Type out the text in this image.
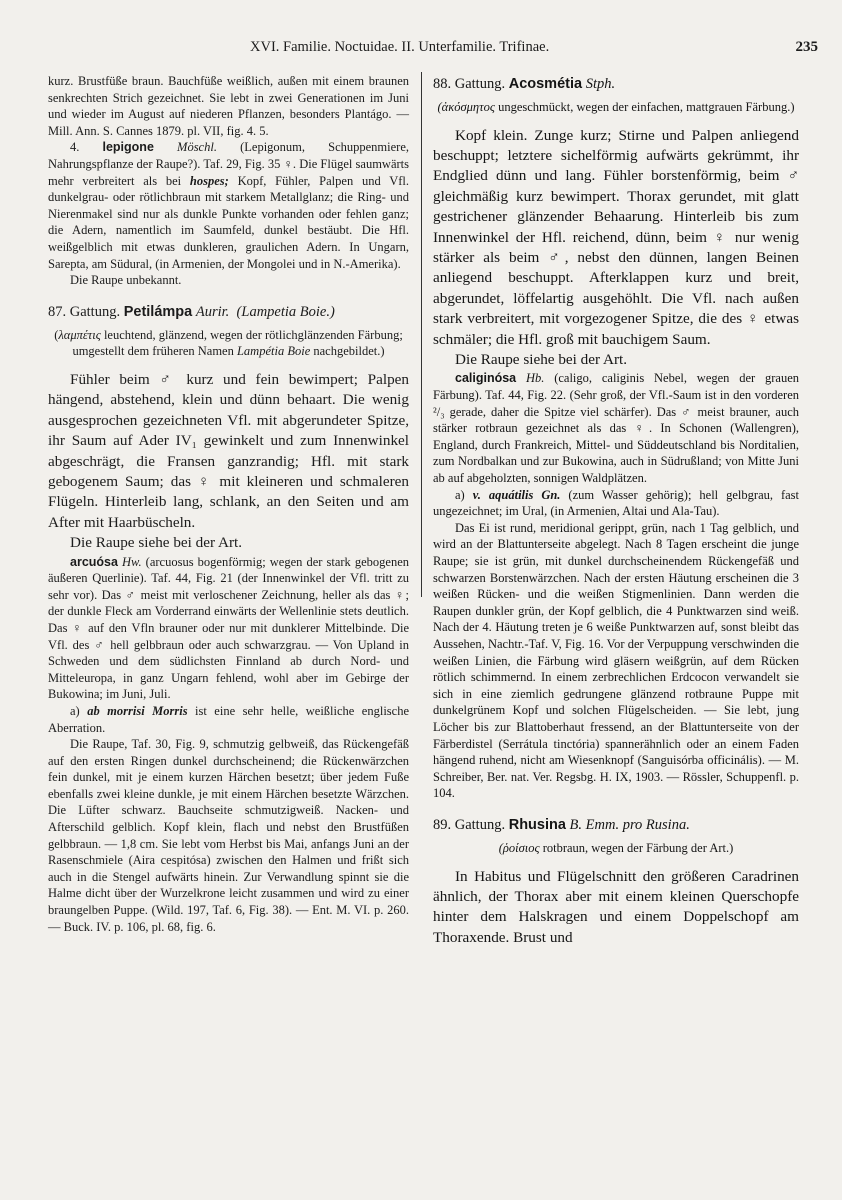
XVI. Familie. Noctuidae. II. Unterfamilie. Trifinae.	235

kurz. Brustfüße braun. Bauchfüße weißlich, außen mit einem braunen senkrechten Strich gezeichnet. Sie lebt in zwei Generationen im Juni und wieder im August auf niederen Pflanzen, besonders Plantágo. — Mill. Ann. S. Cannes 1879. pl. VII, fig. 4. 5.

4. lepigone Möschl. (Lepigonum, Schuppenmiere, Nahrungspflanze der Raupe?). Taf. 29, Fig. 35 ♀. Die Flügel saumwärts mehr verbreitert als bei hospes; Kopf, Fühler, Palpen und Vfl. dunkelgrau- oder rötlichbraun mit starkem Metallglanz; die Ring- und Nierenmakel sind nur als dunkle Punkte vorhanden oder fehlen ganz; die Adern, namentlich im Saumfeld, dunkel bestäubt. Die Hfl. weißgelblich mit etwas dunkleren, graulichen Adern. In Ungarn, Sarepta, am Südural, (in Armenien, der Mongolei und in N.-Amerika).

Die Raupe unbekannt.

87. Gattung. Petilámpa Aurir. (Lampetia Boie.)

(λαμπέτις leuchtend, glänzend, wegen der rötlichglänzenden Färbung; umgestellt dem früheren Namen Lampétia Boie nachgebildet.)

Fühler beim ♂ kurz und fein bewimpert; Palpen hängend, abstehend, klein und dünn behaart. Die wenig ausgesprochen gezeichneten Vfl. mit abgerundeter Spitze, ihr Saum auf Ader IV₁ gewinkelt und zum Innenwinkel abgeschrägt, die Fransen ganzrandig; Hfl. mit stark gebogenem Saum; das ♀ mit kleineren und schmaleren Flügeln. Hinterleib lang, schlank, an den Seiten und am After mit Haarbüscheln.

Die Raupe siehe bei der Art.

arcuósa Hw. (arcuosus bogenförmig; wegen der stark gebogenen äußeren Querlinie). Taf. 44, Fig. 21 (der Innenwinkel der Vfl. tritt zu sehr vor). Das ♂ meist mit verloschener Zeichnung, heller als das ♀; der dunkle Fleck am Vorderrand einwärts der Wellenlinie stets deutlich. Das ♀ auf den Vfln brauner oder nur mit dunklerer Mittelbinde. Die Vfl. des ♂ hell gelbbraun oder auch schwarzgrau. — Von Upland in Schweden und dem südlichsten Finnland ab durch Nord- und Mitteleuropa, in ganz Ungarn fehlend, wohl aber im Gebirge der Bukowina; im Juni, Juli.

a) ab morrisi Morris ist eine sehr helle, weißliche englische Aberration.

Die Raupe, Taf. 30, Fig. 9, schmutzig gelbweiß, das Rückengefäß auf den ersten Ringen dunkel durchscheinend; die Rückenwärzchen fein dunkel, mit je einem kurzen Härchen besetzt; über jedem Fuße ebenfalls zwei kleine dunkle, je mit einem Härchen besetzte Wärzchen. Die Lüfter schwarz. Bauchseite schmutzigweiß. Nacken- und Afterschild gelblich. Kopf klein, flach und nebst den Brustfüßen gelbbraun. — 1,8 cm. Sie lebt vom Herbst bis Mai, anfangs Juni an der Rasenschmiele (Aira cespitósa) zwischen den Halmen und frißt sich auch in die Stengel aufwärts hinein. Zur Verwandlung spinnt sie die Halme dicht über der Wurzelkrone leicht zusammen und wird zu einer braungelben Puppe. (Wild. 197, Taf. 6, Fig. 38). — Ent. M. VI. p. 260. — Buck. IV. p. 106, pl. 68, fig. 6.

88. Gattung. Acosmétia Stph.

(ἀκόσμητος ungeschmückt, wegen der einfachen, mattgrauen Färbung.)

Kopf klein. Zunge kurz; Stirne und Palpen anliegend beschuppt; letztere sichelförmig aufwärts gekrümmt, ihr Endglied dünn und lang. Fühler borstenförmig, beim ♂ gleichmäßig kurz bewimpert. Thorax gerundet, mit glatt gestrichener glänzender Behaarung. Hinterleib bis zum Innenwinkel der Hfl. reichend, dünn, beim ♀ nur wenig stärker als beim ♂, nebst den dünnen, langen Beinen anliegend beschuppt. Afterklappen kurz und breit, abgerundet, löffelartig ausgehöhlt. Die Vfl. nach außen stark verbreitert, mit vorgezogener Spitze, die des ♀ etwas schmäler; die Hfl. groß mit bauchigem Saum.

Die Raupe siehe bei der Art.

caliginósa Hb. (caligo, caliginis Nebel, wegen der grauen Färbung). Taf. 44, Fig. 22. (Sehr groß, der Vfl.-Saum ist in den vorderen ²/₃ gerade, daher die Spitze viel schärfer). Das ♂ meist brauner, auch stärker rotbraun gezeichnet als das ♀. In Schonen (Wallengren), England, durch Frankreich, Mittel- und Süddeutschland bis Norditalien, zum Nordbalkan und zur Bukowina, auch in Südrußland; von Mitte Juni ab auf abgeholzten, sonnigen Waldplätzen.

a) v. aquátilis Gn. (zum Wasser gehörig); hell gelbgrau, fast ungezeichnet; im Ural, (in Armenien, Altai und Ala-Tau).

Das Ei ist rund, meridional gerippt, grün, nach 1 Tag gelblich, und wird an der Blattunterseite abgelegt. Nach 8 Tagen erscheint die junge Raupe; sie ist grün, mit dunkel durchscheinendem Rückengefäß und schwarzen Borstenwärzchen. Nach der ersten Häutung erscheinen die 3 weißen Rücken- und die weißen Stigmenlinien. Dann werden die Raupen dunkler grün, der Kopf gelblich, die 4 Punktwarzen sind weiß. Nach der 4. Häutung treten je 6 weiße Punktwarzen auf, sonst bleibt das Aussehen, Nachtr.-Taf. V, Fig. 16. Vor der Verpuppung verschwinden die weißen Linien, die Färbung wird gläsern weißgrün, auf dem Rücken rötlich schimmernd. In einem zerbrechlichen Erdcocon verwandelt sie sich in eine ziemlich gedrungene glänzend rotbraune Puppe mit dunkelgrünem Kopf und solchen Flügelscheiden. — Sie lebt, jung Löcher bis zur Blattoberhaut fressend, an der Blattunterseite von der Färberdistel (Serrátula tinctória) spannerähnlich oder an einem Faden hängend ruhend, nicht am Wiesenknopf (Sanguisórba officinális). — M. Schreiber, Ber. nat. Ver. Regsbg. H. IX, 1903. — Rössler, Schuppenfl. p. 104.

89. Gattung. Rhusina B. Emm. pro Rusina.

(ῥοίσιος rotbraun, wegen der Färbung der Art.)

In Habitus und Flügelschnitt den größeren Caradrinen ähnlich, der Thorax aber mit einem kleinen Querschopfe hinter dem Halskragen und einem Doppelschopf am Thoraxende. Brust und
